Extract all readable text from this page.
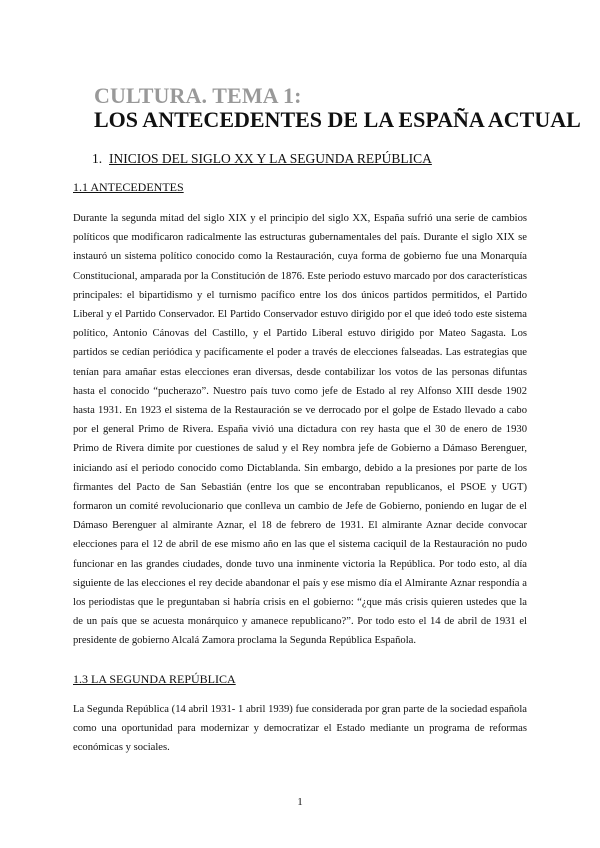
CULTURA. TEMA 1:
LOS ANTECEDENTES DE LA ESPAÑA ACTUAL
1. INICIOS DEL SIGLO XX Y LA SEGUNDA REPÚBLICA
1.1 ANTECEDENTES

Durante la segunda mitad del siglo XIX y el principio del siglo XX, España sufrió una serie de cambios políticos que modificaron radicalmente las estructuras gubernamentales del país. Durante el siglo XIX se instauró un sistema político conocido como la Restauración, cuya forma de gobierno fue una Monarquía Constitucional, amparada por la Constitución de 1876. Este periodo estuvo marcado por dos características principales: el bipartidismo y el turnismo pacífico entre los dos únicos partidos permitidos, el Partido Liberal y el Partido Conservador. El Partido Conservador estuvo dirigido por el que ideó todo este sistema político, Antonio Cánovas del Castillo, y el Partido Liberal estuvo dirigido por Mateo Sagasta. Los partidos se cedían periódica y pacíficamente el poder a través de elecciones falseadas. Las estrategias que tenían para amañar estas elecciones eran diversas, desde contabilizar los votos de las personas difuntas hasta el conocido “pucherazo”. Nuestro país tuvo como jefe de Estado al rey Alfonso XIII desde 1902 hasta 1931. En 1923 el sistema de la Restauración se ve derrocado por el golpe de Estado llevado a cabo por el general Primo de Rivera. España vivió una dictadura con rey hasta que el 30 de enero de 1930 Primo de Rivera dimite por cuestiones de salud y el Rey nombra jefe de Gobierno a Dámaso Berenguer, iniciando así el periodo conocido como Dictablanda. Sin embargo, debido a la presiones por parte de los firmantes del Pacto de San Sebastián (entre los que se encontraban republicanos, el PSOE y UGT) formaron un comité revolucionario que conlleva un cambio de Jefe de Gobierno, poniendo en lugar de el Dámaso Berenguer al almirante Aznar, el 18 de febrero de 1931. El almirante Aznar decide convocar elecciones para el 12 de abril de ese mismo año en las que el sistema caciquil de la Restauración no pudo funcionar en las grandes ciudades, donde tuvo una inminente victoria la República. Por todo esto, al día siguiente de las elecciones el rey decide abandonar el país y ese mismo día el Almirante Aznar respondía a los periodistas que le preguntaban si habría crisis en el gobierno: “¿que más crisis quieren ustedes que la de un país que se acuesta monárquico y amanece republicano?”. Por todo esto el 14 de abril de 1931 el presidente de gobierno Alcalá Zamora proclama la Segunda República Española.

1.3 LA SEGUNDA REPÚBLICA

La Segunda República (14 abril 1931- 1 abril 1939) fue considerada por gran parte de la sociedad española como una oportunidad para modernizar y democratizar el Estado mediante un programa de reformas económicas y sociales.

1
